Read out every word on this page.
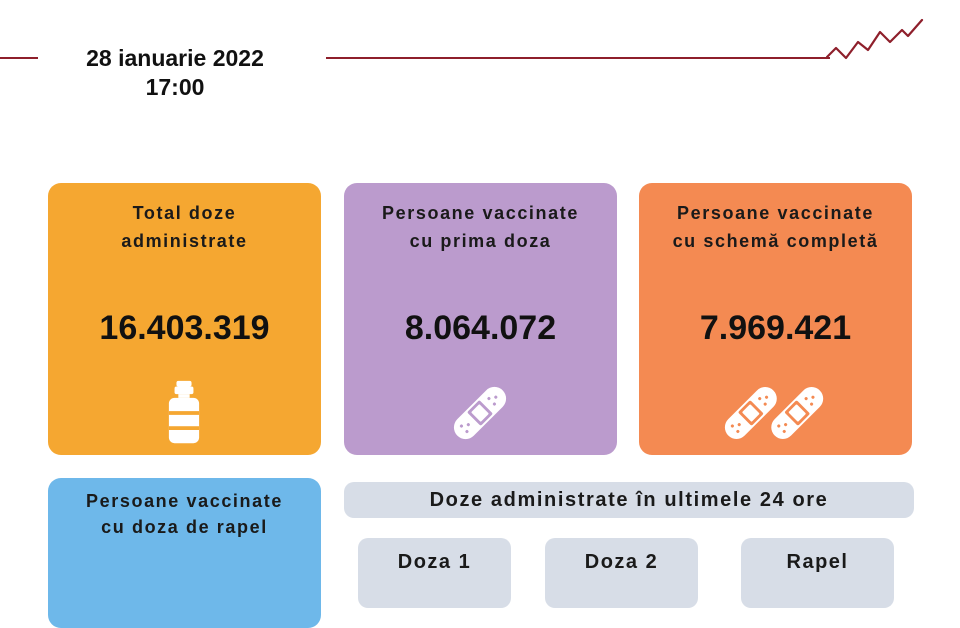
28 ianuarie 2022
17:00
Total doze
administrate
16.403.319
Persoane vaccinate
cu prima doza
8.064.072
Persoane vaccinate
cu schemă completă
7.969.421
Persoane vaccinate
cu doza de rapel
Doze administrate în ultimele 24 ore
Doza 1	Doza 2	Rapel
